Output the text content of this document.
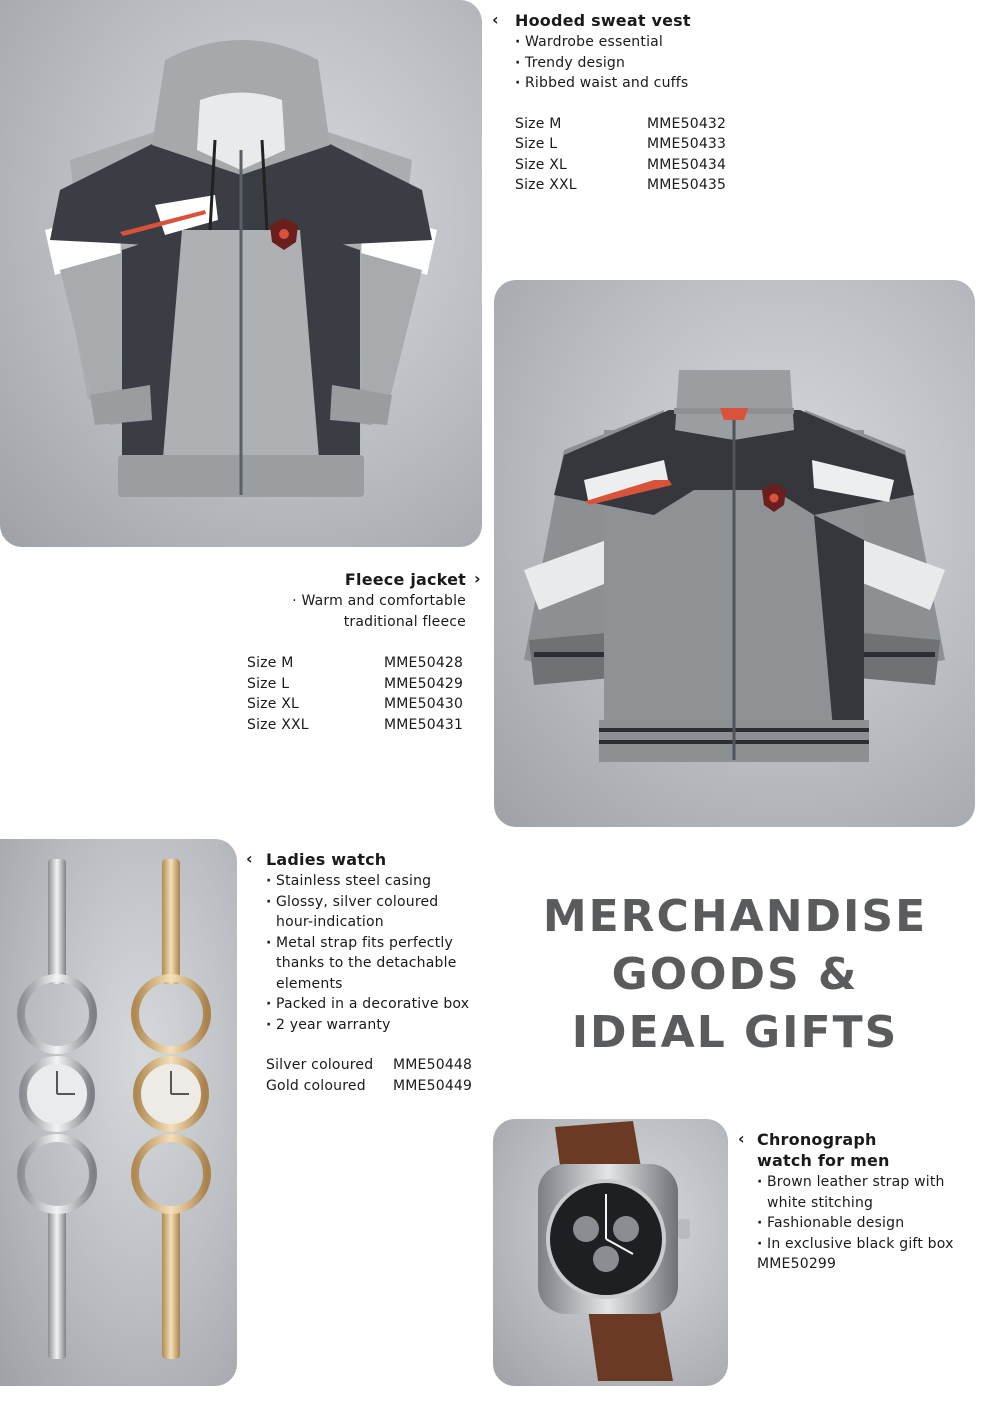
‹ Hooded sweat vest
· Wardrobe essential
· Trendy design
· Ribbed waist and cuffs
Size M	MME50432
Size L	MME50433
Size XL	MME50434
Size XXL	MME50435
›
Fleece jacket
· Warm and comfortable
traditional fleece
Size M	MME50428
Size L	MME50429
Size XL	MME50430
Size XXL	MME50431
‹ Ladies watch
· Stainless steel casing
· Glossy, silver coloured hour-indication
· Metal strap fits perfectly thanks to the detachable elements
· Packed in a decorative box
· 2 year warranty
Silver coloured	MME50448
Gold coloured	MME50449
MERCHANDISE
GOODS &
IDEAL GIFTS
‹ Chronograph
watch for men
· Brown leather strap with white stitching
· Fashionable design
· In exclusive black gift box
MME50299
